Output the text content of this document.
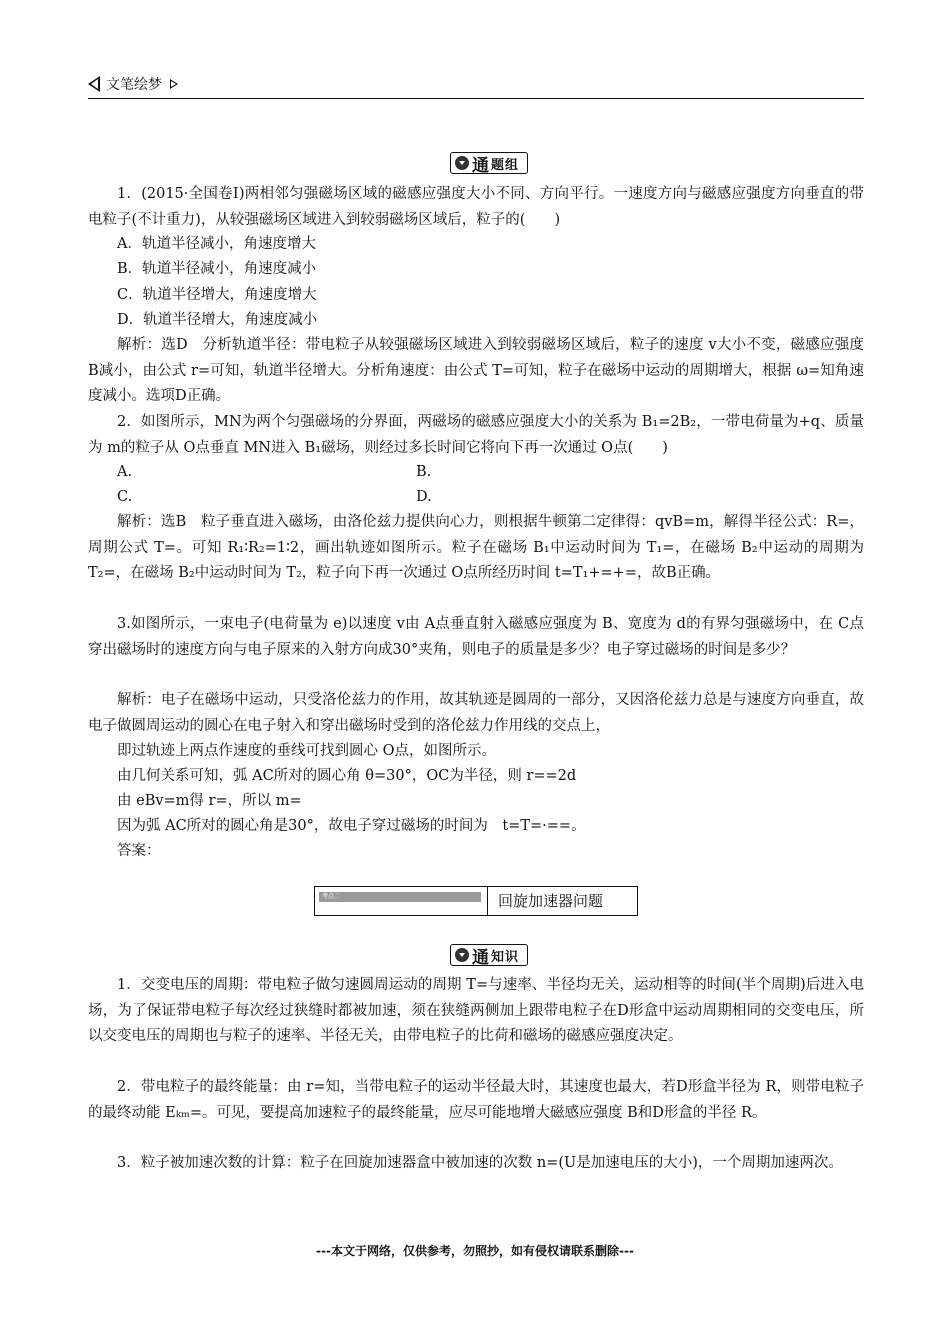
文笔绘梦
通 题组

1．(2015·全国卷Ⅰ)两相邻匀强磁场区域的磁感应强度大小不同、方向平行。一速度方向与磁感应强度方向垂直的带电粒子(不计重力)，从较强磁场区域进入到较弱磁场区域后，粒子的(　　)

A．轨道半径减小，角速度增大
B．轨道半径减小，角速度减小
C．轨道半径增大，角速度增大
D．轨道半径增大，角速度减小

解析：选D　分析轨道半径：带电粒子从较强磁场区域进入到较弱磁场区域后，粒子的速度 v大小不变，磁感应强度 B减小，由公式 r=可知，轨道半径增大。分析角速度：由公式 T=可知，粒子在磁场中运动的周期增大，根据 ω=知角速度减小。选项D正确。

2．如图所示，MN为两个匀强磁场的分界面，两磁场的磁感应强度大小的关系为 B₁=2B₂，一带电荷量为+q、质量为 m的粒子从 O点垂直 MN进入 B₁磁场，则经过多长时间它将向下再一次通过 O点(　　)

A.	B.
C.	D.

解析：选B　粒子垂直进入磁场，由洛伦兹力提供向心力，则根据牛顿第二定律得：qvB=m，解得半径公式：R=，周期公式 T=。可知 R₁∶R₂=1∶2，画出轨迹如图所示。粒子在磁场 B₁中运动时间为 T₁=，在磁场 B₂中运动的周期为 T₂=，在磁场 B₂中运动时间为 T₂，粒子向下再一次通过 O点所经历时间 t=T₁+=+=，故B正确。

3.如图所示，一束电子(电荷量为 e)以速度 v由 A点垂直射入磁感应强度为 B、宽度为 d的有界匀强磁场中，在 C点穿出磁场时的速度方向与电子原来的入射方向成30°夹角，则电子的质量是多少？电子穿过磁场的时间是多少？

解析：电子在磁场中运动，只受洛伦兹力的作用，故其轨迹是圆周的一部分，又因洛伦兹力总是与速度方向垂直，故电子做圆周运动的圆心在电子射入和穿出磁场时受到的洛伦兹力作用线的交点上，

即过轨迹上两点作速度的垂线可找到圆心 O点，如图所示。
由几何关系可知，弧 AC所对的圆心角 θ=30°，OC为半径，则 r==2d
由 eBv=m得 r=，所以 m=
因为弧 AC所对的圆心角是30°，故电子穿过磁场的时间为　t=T=·==。
答案：
考点二	回旋加速器问题
通 知识

1．交变电压的周期：带电粒子做匀速圆周运动的周期 T=与速率、半径均无关，运动相等的时间(半个周期)后进入电场，为了保证带电粒子每次经过狭缝时都被加速，须在狭缝两侧加上跟带电粒子在D形盒中运动周期相同的交变电压，所以交变电压的周期也与粒子的速率、半径无关，由带电粒子的比荷和磁场的磁感应强度决定。

2．带电粒子的最终能量：由 r=知，当带电粒子的运动半径最大时，其速度也最大，若D形盒半径为 R，则带电粒子的最终动能 Eₖₘ=。可见，要提高加速粒子的最终能量，应尽可能地增大磁感应强度 B和D形盒的半径 R。

3．粒子被加速次数的计算：粒子在回旋加速器盒中被加速的次数 n=(U是加速电压的大小)，一个周期加速两次。

---本文于网络，仅供参考，勿照抄，如有侵权请联系删除---
